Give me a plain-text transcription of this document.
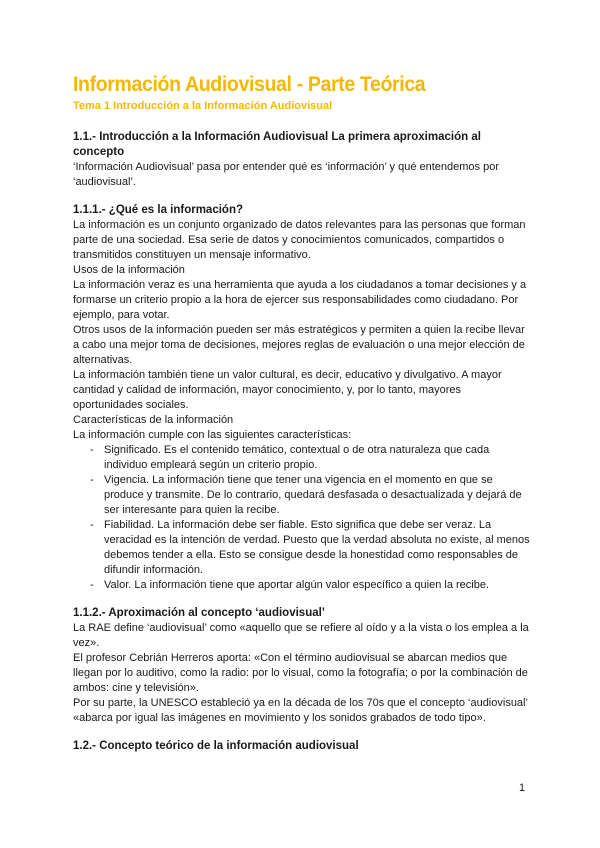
Información Audiovisual - Parte Teórica
Tema 1 Introducción a la Información Audiovisual
1.1.- Introducción a la Información Audiovisual La primera aproximación al concepto

‘Información Audiovisual’ pasa por entender qué es ‘información’ y qué entendemos por ‘audiovisual’.

1.1.1.- ¿Qué es la información?

La información es un conjunto organizado de datos relevantes para las personas que forman parte de una sociedad. Esa serie de datos y conocimientos comunicados, compartidos o transmitidos constituyen un mensaje informativo.

Usos de la información

La información veraz es una herramienta que ayuda a los ciudadanos a tomar decisiones y a formarse un criterio propio a la hora de ejercer sus responsabilidades como ciudadano. Por ejemplo, para votar.

Otros usos de la información pueden ser más estratégicos y permiten a quien la recibe llevar a cabo una mejor toma de decisiones, mejores reglas de evaluación o una mejor elección de alternativas.

La información también tiene un valor cultural, es decir, educativo y divulgativo. A mayor cantidad y calidad de información, mayor conocimiento, y, por lo tanto, mayores oportunidades sociales.

Características de la información

La información cumple con las siguientes características:

- Significado. Es el contenido temático, contextual o de otra naturaleza que cada individuo empleará según un criterio propio.
- Vigencia. La información tiene que tener una vigencia en el momento en que se produce y transmite. De lo contrario, quedará desfasada o desactualizada y dejará de ser interesante para quien la recibe.
- Fiabilidad. La información debe ser fiable. Esto significa que debe ser veraz. La veracidad es la intención de verdad. Puesto que la verdad absoluta no existe, al menos debemos tender a ella. Esto se consigue desde la honestidad como responsables de difundir información.
- Valor. La información tiene que aportar algún valor específico a quien la recibe.
1.1.2.- Aproximación al concepto ‘audiovisual’

La RAE define ‘audiovisual’ como «aquello que se refiere al oído y a la vista o los emplea a la vez».

El profesor Cebrián Herreros aporta: «Con el término audiovisual se abarcan medios que llegan por lo auditivo, como la radio: por lo visual, como la fotografía; o por la combinación de ambos: cine y televisión».

Por su parte, la UNESCO estableció ya en la década de los 70s que el concepto ‘audiovisual’ «abarca por igual las imágenes en movimiento y los sonidos grabados de todo tipo».

1.2.- Concepto teórico de la información audiovisual
1
